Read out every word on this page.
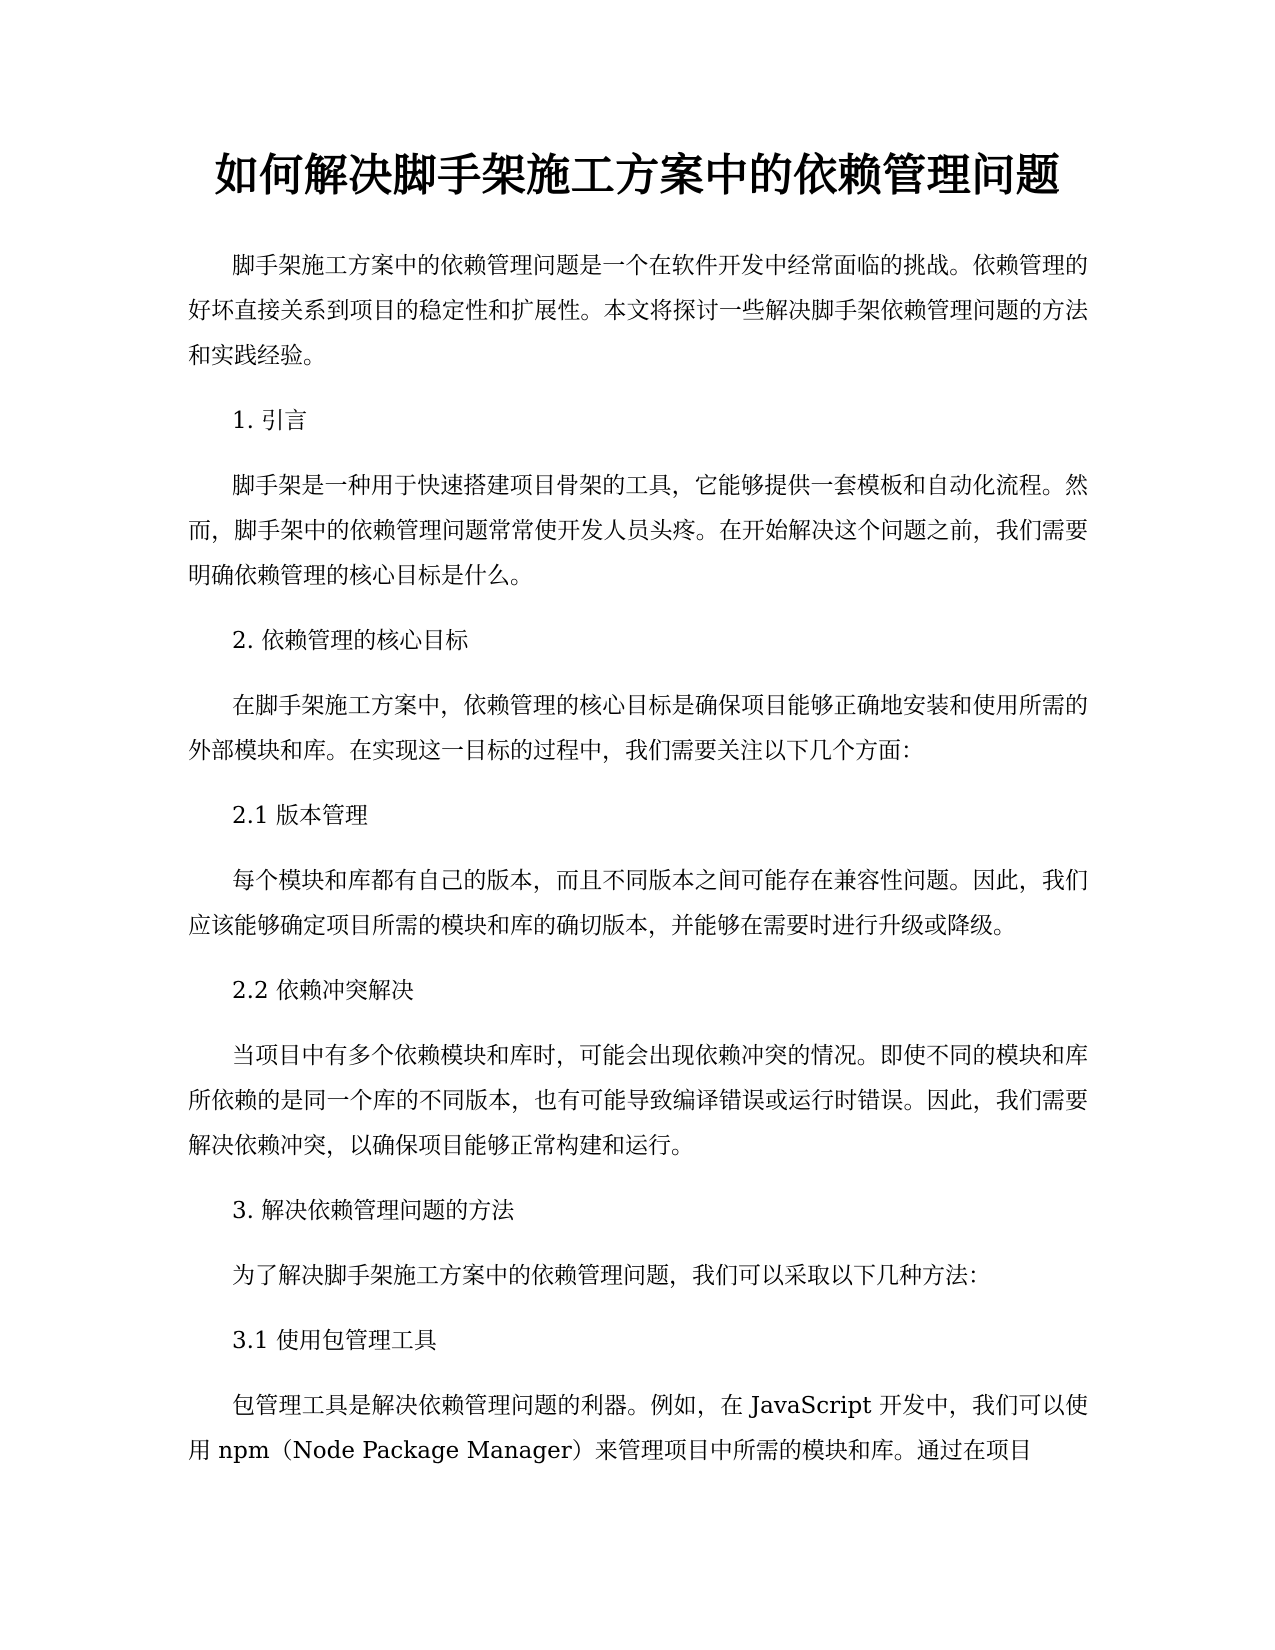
如何解决脚手架施工方案中的依赖管理问题

脚手架施工方案中的依赖管理问题是一个在软件开发中经常面临的挑战。依赖管理的好坏直接关系到项目的稳定性和扩展性。本文将探讨一些解决脚手架依赖管理问题的方法和实践经验。

1. 引言

脚手架是一种用于快速搭建项目骨架的工具，它能够提供一套模板和自动化流程。然而，脚手架中的依赖管理问题常常使开发人员头疼。在开始解决这个问题之前，我们需要明确依赖管理的核心目标是什么。

2. 依赖管理的核心目标

在脚手架施工方案中，依赖管理的核心目标是确保项目能够正确地安装和使用所需的外部模块和库。在实现这一目标的过程中，我们需要关注以下几个方面：

2.1 版本管理

每个模块和库都有自己的版本，而且不同版本之间可能存在兼容性问题。因此，我们应该能够确定项目所需的模块和库的确切版本，并能够在需要时进行升级或降级。

2.2 依赖冲突解决

当项目中有多个依赖模块和库时，可能会出现依赖冲突的情况。即使不同的模块和库所依赖的是同一个库的不同版本，也有可能导致编译错误或运行时错误。因此，我们需要解决依赖冲突，以确保项目能够正常构建和运行。

3. 解决依赖管理问题的方法

为了解决脚手架施工方案中的依赖管理问题，我们可以采取以下几种方法：

3.1 使用包管理工具

包管理工具是解决依赖管理问题的利器。例如，在 JavaScript 开发中，我们可以使用 npm（Node Package Manager）来管理项目中所需的模块和库。通过在项目
